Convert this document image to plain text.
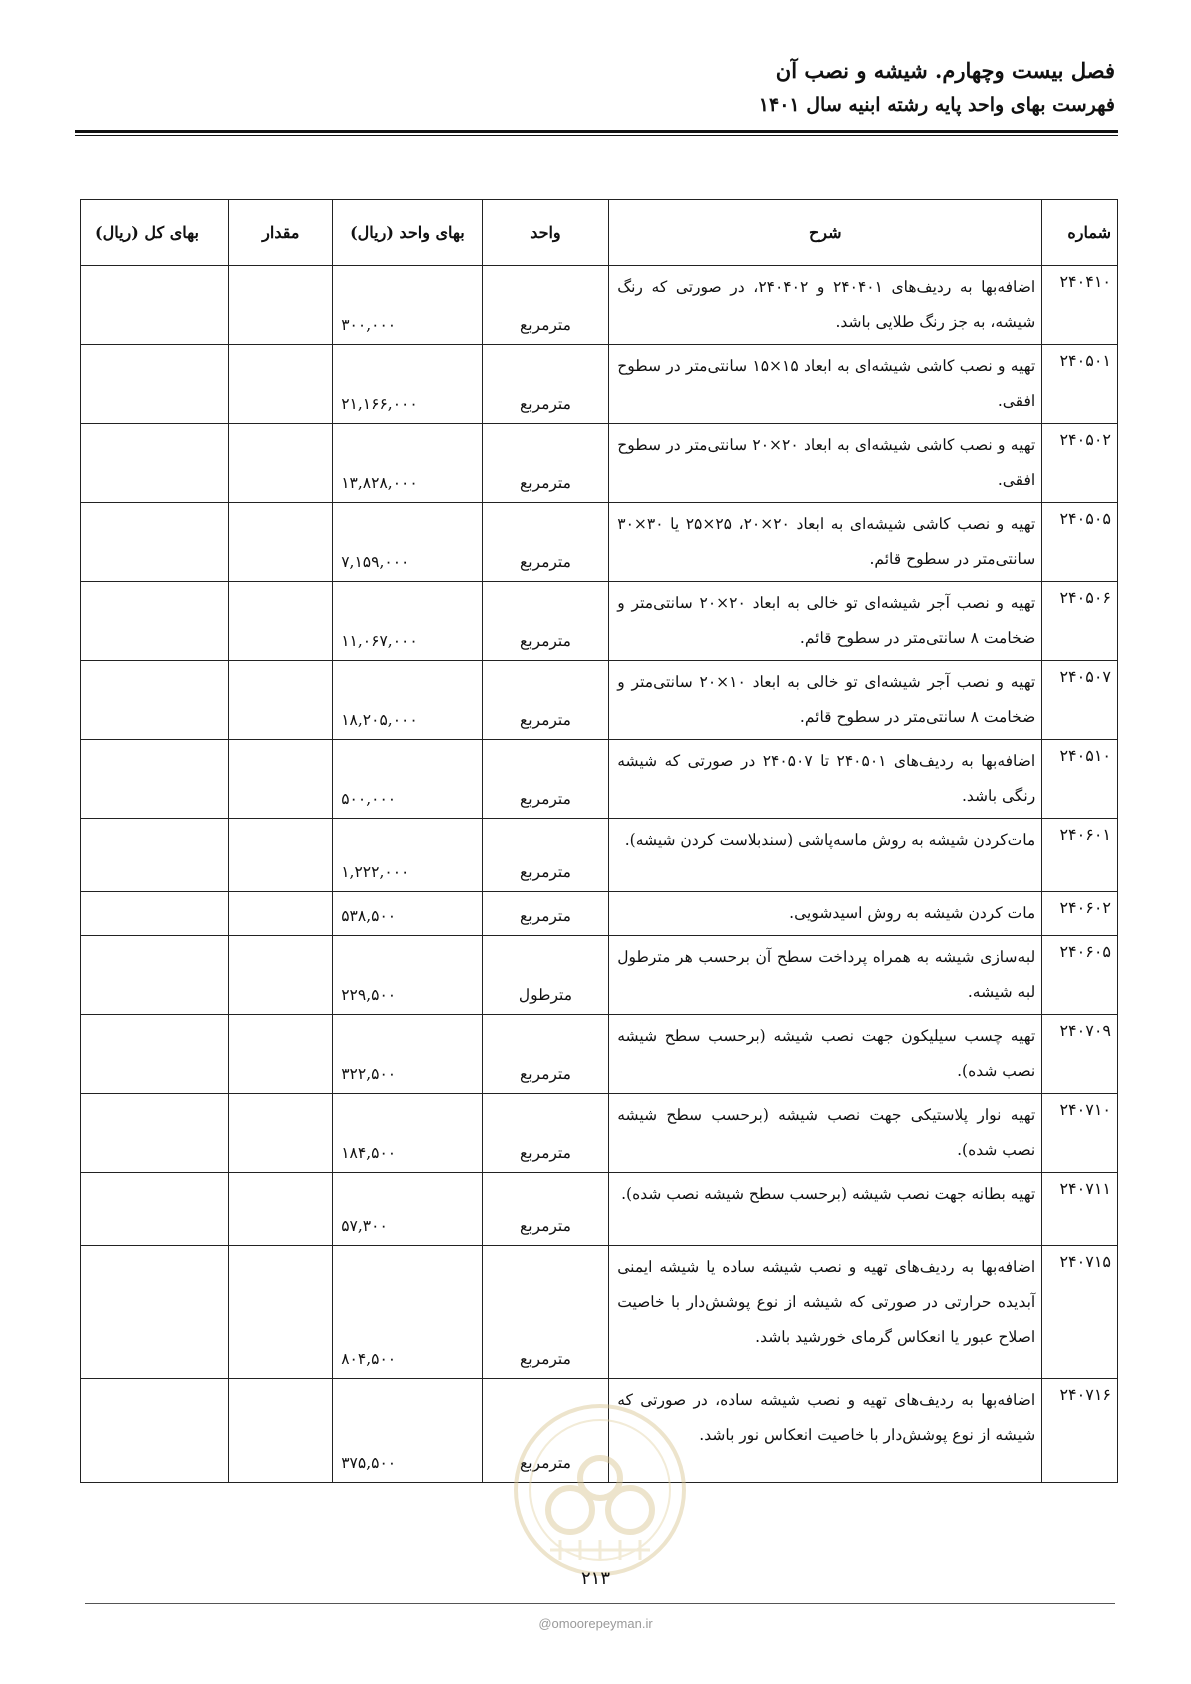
فصل بیست وچهارم. شیشه و نصب آن
فهرست بهای واحد پایه رشته ابنیه سال ۱۴۰۱
شماره	شرح	واحد	بهای واحد (ریال)	مقدار	بهای کل (ریال)
۲۴۰۴۱۰	اضافه‌بها به ردیف‌های ۲۴۰۴۰۱ و ۲۴۰۴۰۲، در صورتی که رنگ شیشه، به جز رنگ طلایی باشد.	مترمربع	۳۰۰,۰۰۰		
۲۴۰۵۰۱	تهیه و نصب کاشی شیشه‌ای به ابعاد ۱۵×۱۵ سانتی‌متر در سطوح افقی.	مترمربع	۲۱,۱۶۶,۰۰۰		
۲۴۰۵۰۲	تهیه و نصب کاشی شیشه‌ای به ابعاد ۲۰×۲۰ سانتی‌متر در سطوح افقی.	مترمربع	۱۳,۸۲۸,۰۰۰		
۲۴۰۵۰۵	تهیه و نصب کاشی شیشه‌ای به ابعاد ۲۰×۲۰، ۲۵×۲۵ یا ۳۰×۳۰ سانتی‌متر در سطوح قائم.	مترمربع	۷,۱۵۹,۰۰۰		
۲۴۰۵۰۶	تهیه و نصب آجر شیشه‌ای تو خالی به ابعاد ۲۰×۲۰ سانتی‌متر و ضخامت ۸ سانتی‌متر در سطوح قائم.	مترمربع	۱۱,۰۶۷,۰۰۰		
۲۴۰۵۰۷	تهیه و نصب آجر شیشه‌ای تو خالی به ابعاد ۱۰×۲۰ سانتی‌متر و ضخامت ۸ سانتی‌متر در سطوح قائم.	مترمربع	۱۸,۲۰۵,۰۰۰		
۲۴۰۵۱۰	اضافه‌بها به ردیف‌های ۲۴۰۵۰۱ تا ۲۴۰۵۰۷ در صورتی که شیشه رنگی باشد.	مترمربع	۵۰۰,۰۰۰		
۲۴۰۶۰۱	مات‌کردن شیشه به روش ماسه‌پاشی (سندبلاست کردن شیشه).	مترمربع	۱,۲۲۲,۰۰۰		
۲۴۰۶۰۲	مات کردن شیشه به روش اسیدشویی.	مترمربع	۵۳۸,۵۰۰		
۲۴۰۶۰۵	لبه‌سازی شیشه به همراه پرداخت سطح آن برحسب هر مترطول لبه شیشه.	مترطول	۲۲۹,۵۰۰		
۲۴۰۷۰۹	تهیه چسب سیلیکون جهت نصب شیشه (برحسب سطح شیشه نصب شده).	مترمربع	۳۲۲,۵۰۰		
۲۴۰۷۱۰	تهیه نوار پلاستیکی جهت نصب شیشه (برحسب سطح شیشه نصب شده).	مترمربع	۱۸۴,۵۰۰		
۲۴۰۷۱۱	تهیه بطانه جهت نصب شیشه (برحسب سطح شیشه نصب شده).	مترمربع	۵۷,۳۰۰		
۲۴۰۷۱۵	اضافه‌بها به ردیف‌های تهیه و نصب شیشه ساده یا شیشه ایمنی آبدیده حرارتی در صورتی که شیشه از نوع پوشش‌دار با خاصیت اصلاح عبور یا انعکاس گرمای خورشید باشد.	مترمربع	۸۰۴,۵۰۰		
۲۴۰۷۱۶	اضافه‌بها به ردیف‌های تهیه و نصب شیشه ساده، در صورتی که شیشه از نوع پوشش‌دار با خاصیت انعکاس نور باشد.	مترمربع	۳۷۵,۵۰۰		
۲۱۳
@omoorepeyman.ir
